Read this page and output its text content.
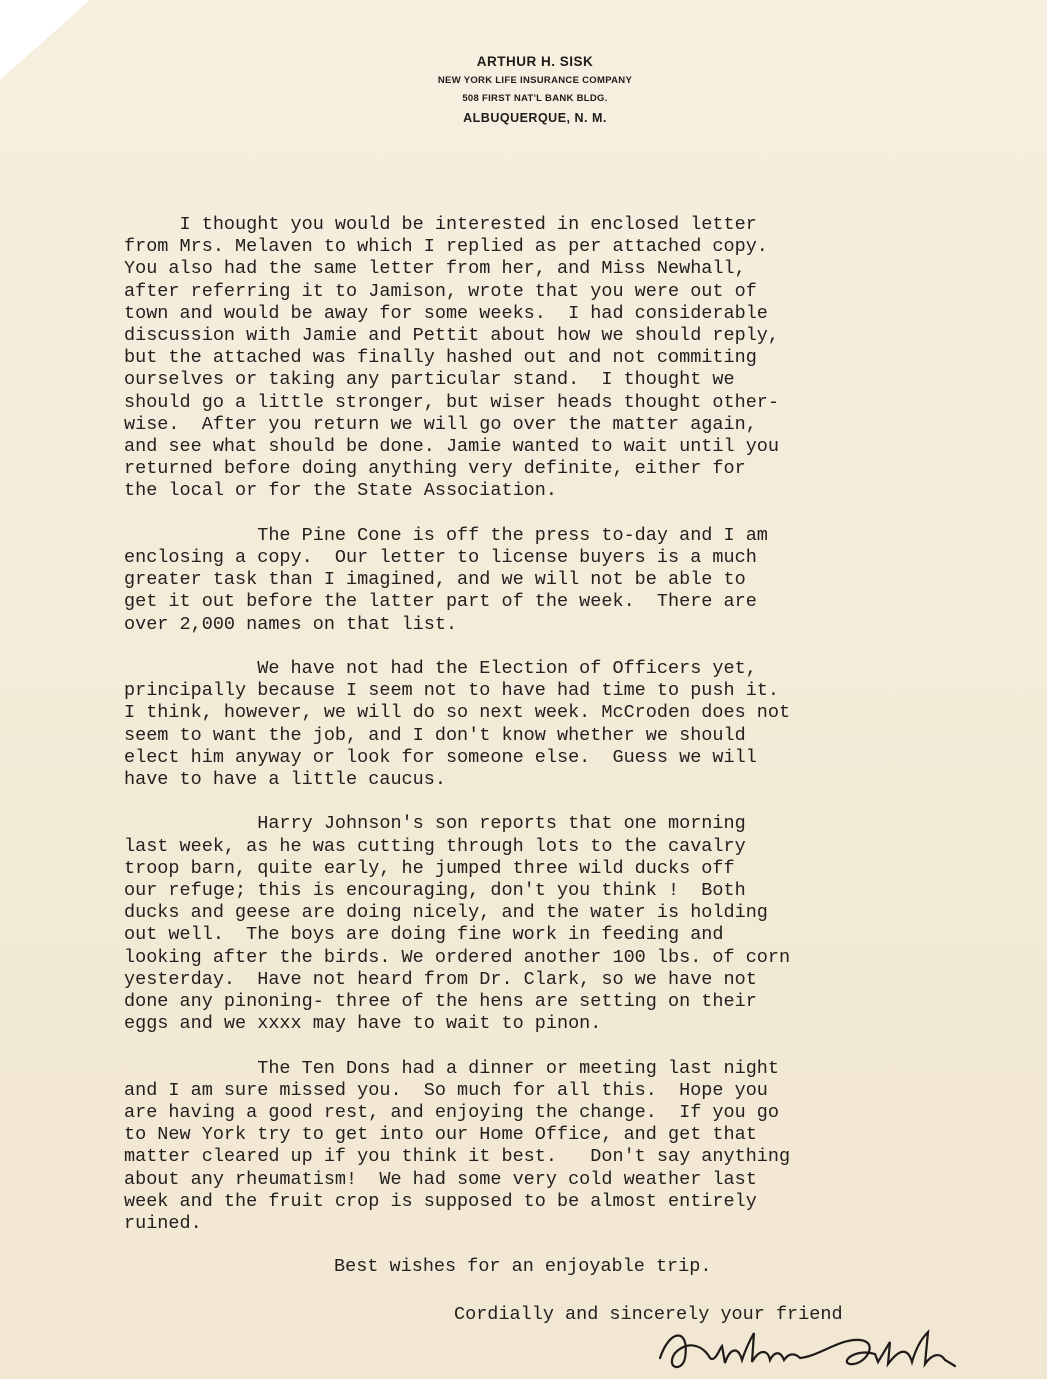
ARTHUR H. SISK
NEW YORK LIFE INSURANCE COMPANY
508 FIRST NAT'L BANK BLDG.
ALBUQUERQUE, N. M.
I thought you would be interested in enclosed letter
from Mrs. Melaven to which I replied as per attached copy.
You also had the same letter from her, and Miss Newhall,
after referring it to Jamison, wrote that you were out of
town and would be away for some weeks.  I had considerable
discussion with Jamie and Pettit about how we should reply,
but the attached was finally hashed out and not commiting
ourselves or taking any particular stand.  I thought we
should go a little stronger, but wiser heads thought other-
wise.  After you return we will go over the matter again,
and see what should be done. Jamie wanted to wait until you
returned before doing anything very definite, either for
the local or for the State Association.
The Pine Cone is off the press to-day and I am
enclosing a copy.  Our letter to license buyers is a much
greater task than I imagined, and we will not be able to
get it out before the latter part of the week.  There are
over 2,000 names on that list.
We have not had the Election of Officers yet,
principally because I seem not to have had time to push it.
I think, however, we will do so next week. McCroden does not
seem to want the job, and I don't know whether we should
elect him anyway or look for someone else.  Guess we will
have to have a little caucus.
Harry Johnson's son reports that one morning
last week, as he was cutting through lots to the cavalry
troop barn, quite early, he jumped three wild ducks off
our refuge; this is encouraging, don't you think !  Both
ducks and geese are doing nicely, and the water is holding
out well.  The boys are doing fine work in feeding and
looking after the birds. We ordered another 100 lbs. of corn
yesterday.  Have not heard from Dr. Clark, so we have not
done any pinoning- three of the hens are setting on their
eggs and we xxxx may have to wait to pinon.
The Ten Dons had a dinner or meeting last night
and I am sure missed you.  So much for all this.  Hope you
are having a good rest, and enjoying the change.  If you go
to New York try to get into our Home Office, and get that
matter cleared up if you think it best.   Don't say anything
about any rheumatism!  We had some very cold weather last
week and the fruit crop is supposed to be almost entirely
ruined.
Best wishes for an enjoyable trip.
Cordially and sincerely your friend
